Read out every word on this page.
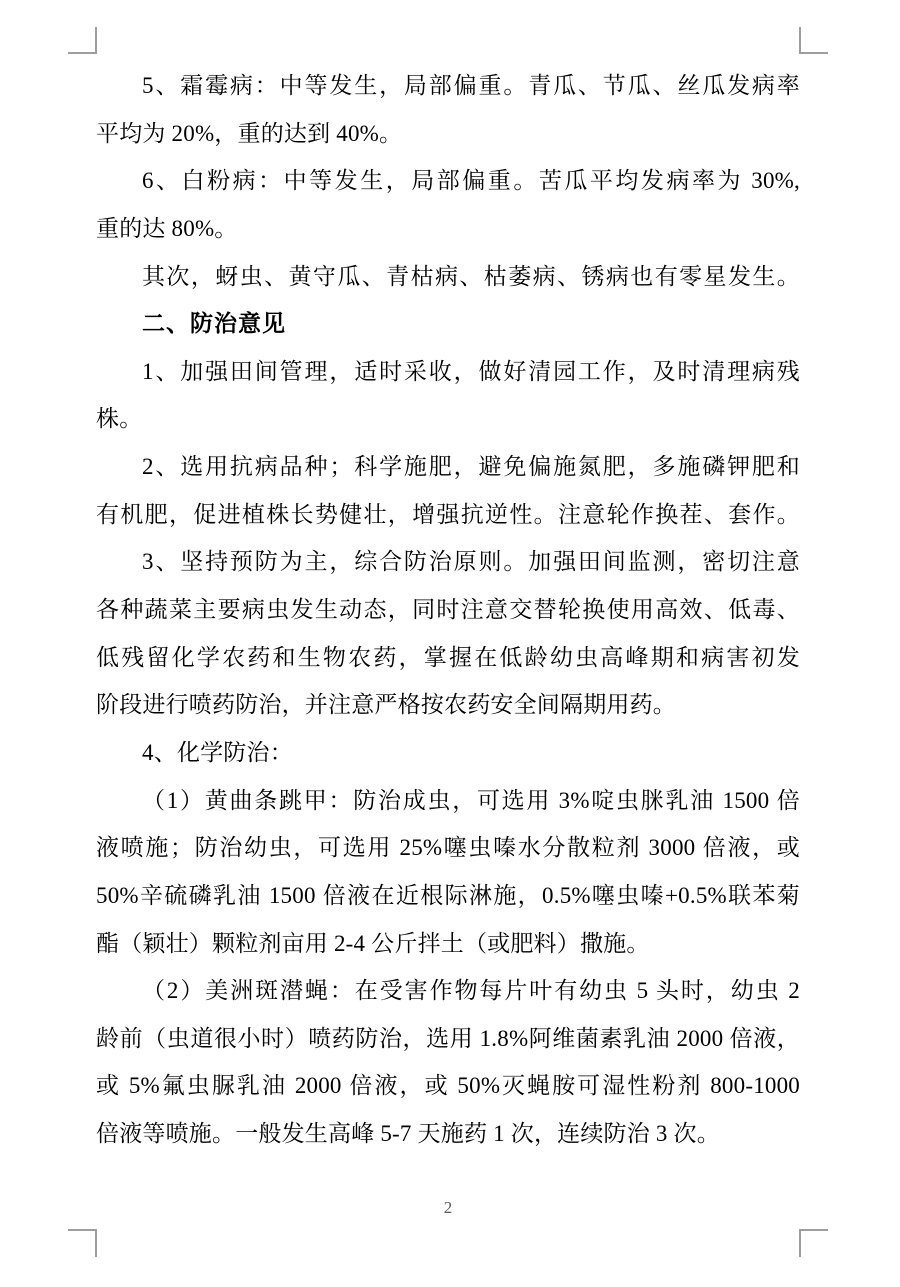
5、霜霉病：中等发生，局部偏重。青瓜、节瓜、丝瓜发病率
平均为 20%，重的达到 40%。
6、白粉病：中等发生，局部偏重。苦瓜平均发病率为 30%,
重的达 80%。
其次，蚜虫、黄守瓜、青枯病、枯萎病、锈病也有零星发生。
二、防治意见
1、加强田间管理，适时采收，做好清园工作，及时清理病残
株。
2、选用抗病品种；科学施肥，避免偏施氮肥，多施磷钾肥和
有机肥，促进植株长势健壮，增强抗逆性。注意轮作换茬、套作。
3、坚持预防为主，综合防治原则。加强田间监测，密切注意
各种蔬菜主要病虫发生动态，同时注意交替轮换使用高效、低毒、
低残留化学农药和生物农药，掌握在低龄幼虫高峰期和病害初发
阶段进行喷药防治，并注意严格按农药安全间隔期用药。
4、化学防治：
（1）黄曲条跳甲：防治成虫，可选用 3%啶虫脒乳油 1500 倍
液喷施；防治幼虫，可选用 25%噻虫嗪水分散粒剂 3000 倍液，或
50%辛硫磷乳油 1500 倍液在近根际淋施，0.5%噻虫嗪+0.5%联苯菊
酯（颖壮）颗粒剂亩用 2-4 公斤拌土（或肥料）撒施。
（2）美洲斑潜蝇：在受害作物每片叶有幼虫 5 头时，幼虫 2
龄前（虫道很小时）喷药防治，选用 1.8%阿维菌素乳油 2000 倍液，
或 5%氟虫脲乳油 2000 倍液，或 50%灭蝇胺可湿性粉剂 800-1000
倍液等喷施。一般发生高峰 5-7 天施药 1 次，连续防治 3 次。
2
